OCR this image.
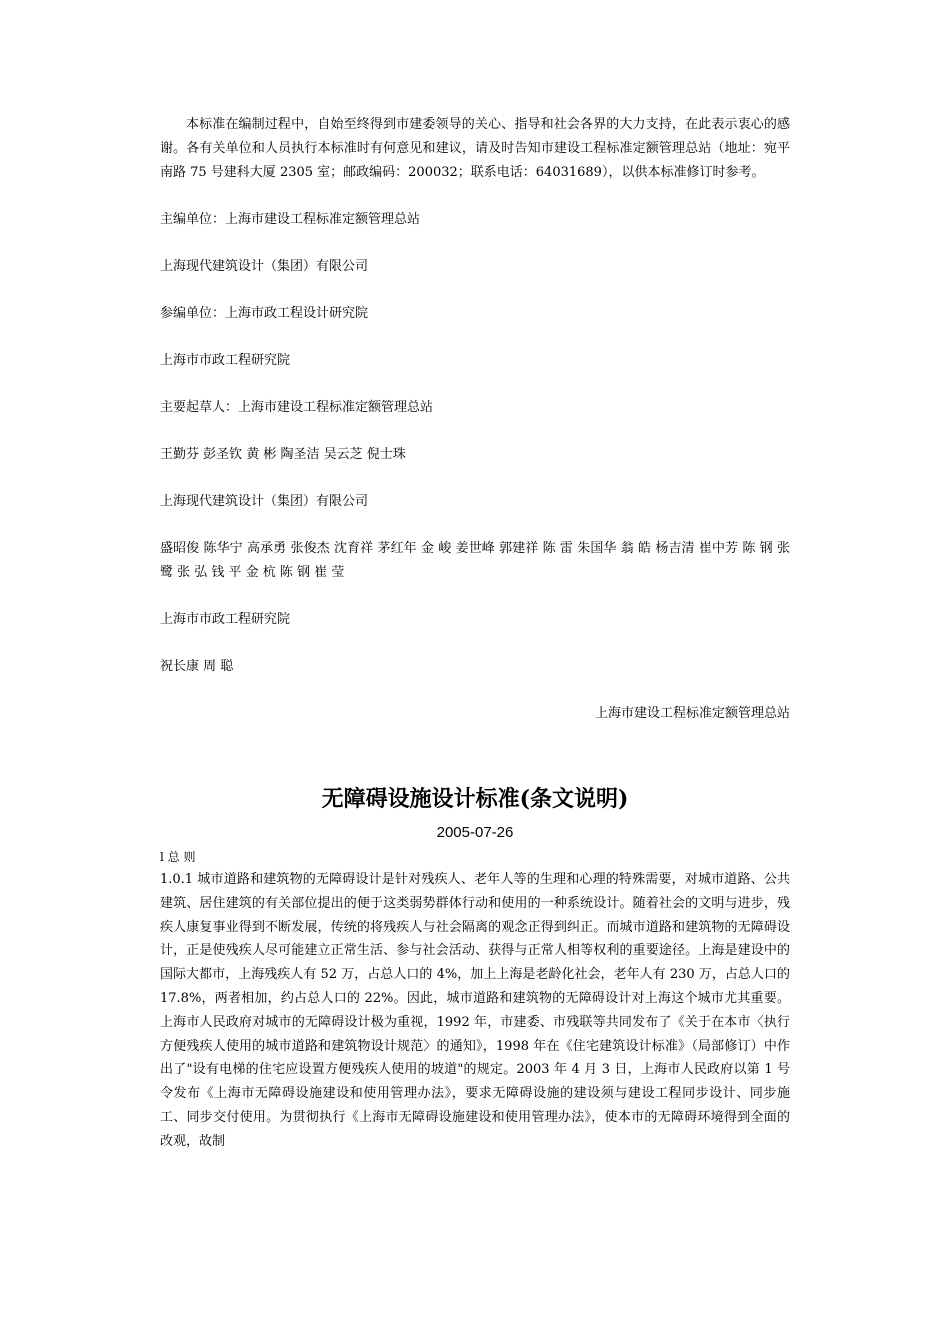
本标准在编制过程中，自始至终得到市建委领导的关心、指导和社会各界的大力支持，在此表示衷心的感谢。各有关单位和人员执行本标准时有何意见和建议，请及时告知市建设工程标准定额管理总站（地址：宛平南路 75 号建科大厦 2305 室；邮政编码：200032；联系电话：64031689），以供本标准修订时参考。

主编单位：上海市建设工程标准定额管理总站

上海现代建筑设计（集团）有限公司

参编单位：上海市政工程设计研究院

上海市市政工程研究院

主要起草人：上海市建设工程标准定额管理总站

王勤芬 彭圣钦 黄 彬 陶圣洁 吴云芝 倪士珠

上海现代建筑设计（集团）有限公司

盛昭俊 陈华宁 高承勇 张俊杰 沈育祥 茅红年 金 峻 姜世峰 郭建祥 陈 雷 朱国华 翁 皓 杨吉清 崔中芳 陈 钢 张 鹭 张 弘 钱 平 金 杭 陈 钢 崔 莹

上海市市政工程研究院

祝长康 周 聪

上海市建设工程标准定额管理总站

无障碍设施设计标准(条文说明)
2005-07-26
l 总 则

1.0.1 城市道路和建筑物的无障碍设计是针对残疾人、老年人等的生理和心理的特殊需要，对城市道路、公共建筑、居住建筑的有关部位提出的便于这类弱势群体行动和使用的一种系统设计。随着社会的文明与进步，残疾人康复事业得到不断发展，传统的将残疾人与社会隔离的观念正得到纠正。而城市道路和建筑物的无障碍设计，正是使残疾人尽可能建立正常生活、参与社会活动、获得与正常人相等权利的重要途径。上海是建设中的国际大都市，上海残疾人有 52 万，占总人口的 4%，加上上海是老龄化社会，老年人有 230 万，占总人口的 17.8%，两者相加，约占总人口的 22%。因此，城市道路和建筑物的无障碍设计对上海这个城市尤其重要。上海市人民政府对城市的无障碍设计极为重视，1992 年，市建委、市残联等共同发布了《关于在本市〈执行方便残疾人使用的城市道路和建筑物设计规范〉的通知》，1998 年在《住宅建筑设计标准》（局部修订）中作出了"设有电梯的住宅应设置方便残疾人使用的坡道"的规定。2003 年 4 月 3 日，上海市人民政府以第 1 号令发布《上海市无障碍设施建设和使用管理办法》，要求无障碍设施的建设须与建设工程同步设计、同步施工、同步交付使用。为贯彻执行《上海市无障碍设施建设和使用管理办法》，使本市的无障碍环境得到全面的改观，故制
